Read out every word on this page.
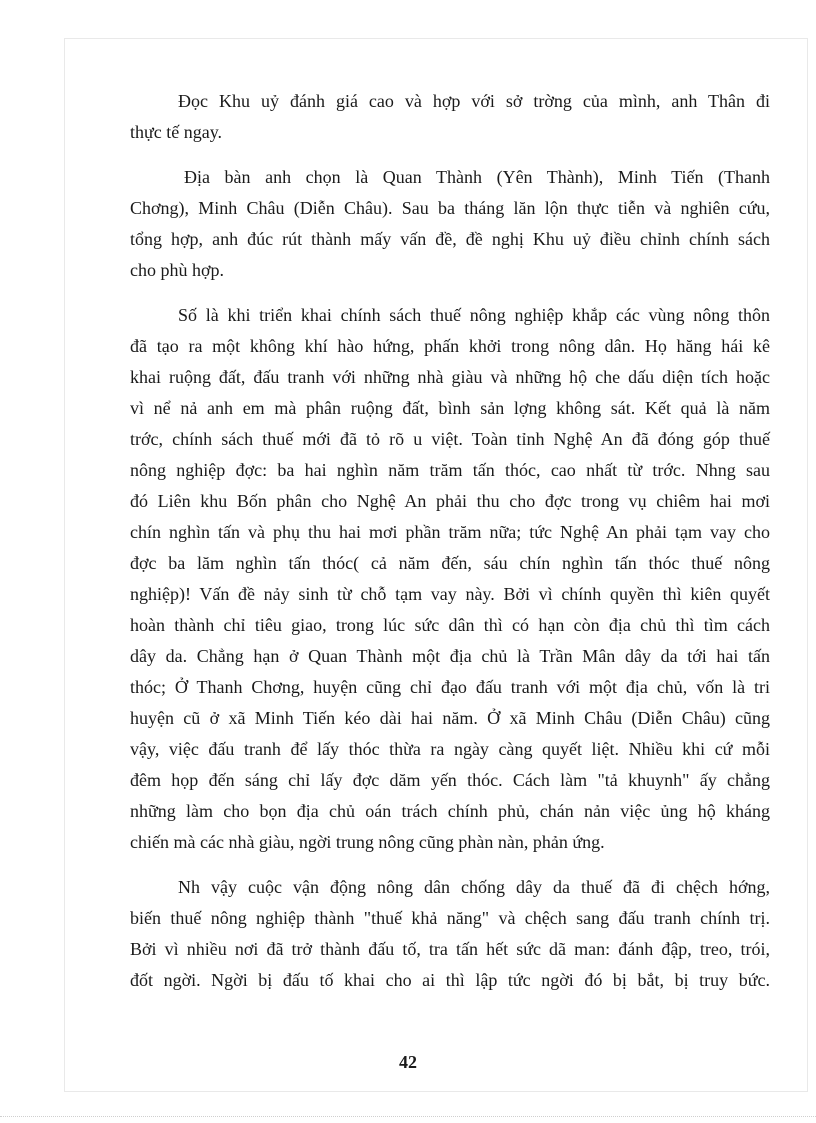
Đọc Khu uỷ đánh giá cao và hợp với sở trờng của mình, anh Thân đi
thực tế ngay.
Địa bàn anh chọn là Quan Thành (Yên Thành), Minh Tiến (Thanh
Chơng), Minh Châu (Diễn Châu). Sau ba tháng lăn lộn thực tiễn và nghiên cứu,
tổng hợp, anh đúc rút thành mấy vấn đề, đề nghị Khu uỷ điều chỉnh chính sách
cho phù hợp.
Số là khi triển khai chính sách thuế nông nghiệp khắp các vùng nông thôn
đã tạo ra một không khí hào hứng, phấn khởi trong nông dân. Họ hăng hái kê
khai ruộng đất, đấu tranh với những nhà giàu và những hộ che dấu diện tích hoặc
vì nể nả anh em mà phân ruộng đất, bình sản lợng không sát. Kết quả là năm
trớc, chính sách thuế mới đã tỏ rõ u việt. Toàn tỉnh Nghệ An đã đóng góp thuế
nông nghiệp đợc: ba hai nghìn năm trăm tấn thóc, cao nhất từ trớc. Nhng sau
đó Liên khu Bốn phân cho Nghệ An phải thu cho đợc trong vụ chiêm hai mơi
chín nghìn tấn và phụ thu hai mơi phần trăm nữa; tức Nghệ An phải tạm vay cho
đợc ba lăm nghìn tấn thóc( cả năm đến, sáu chín nghìn tấn thóc thuế nông
nghiệp)! Vấn đề nảy sinh từ chỗ tạm vay này. Bởi vì chính quyền thì kiên quyết
hoàn thành chỉ tiêu giao, trong lúc sức dân thì có hạn còn địa chủ thì tìm cách
dây da. Chẳng hạn ở Quan Thành một địa chủ là Trần Mân dây da tới hai tấn
thóc; Ở Thanh Chơng, huyện cũng chỉ đạo đấu tranh với một địa chủ, vốn là tri
huyện cũ ở xã Minh Tiến kéo dài hai năm. Ở xã Minh Châu (Diễn Châu) cũng
vậy, việc đấu tranh để lấy thóc thừa ra ngày càng quyết liệt. Nhiều khi cứ mỗi
đêm họp đến sáng chỉ lấy đợc dăm yến thóc. Cách làm "tả khuynh" ấy chẳng
những làm cho bọn địa chủ oán trách chính phủ, chán nản việc ủng hộ kháng
chiến mà các nhà giàu, ngời trung nông cũng phàn nàn, phản ứng.
Nh vậy cuộc vận động nông dân chống dây da thuế đã đi chệch hớng,
biến thuế nông nghiệp thành "thuế khả năng" và chệch sang đấu tranh chính trị.
Bởi vì nhiều nơi đã trở thành đấu tố, tra tấn hết sức dã man: đánh đập, treo, trói,
đốt ngời. Ngời bị đấu tố khai cho ai thì lập tức ngời đó bị bắt, bị truy bức.
42
